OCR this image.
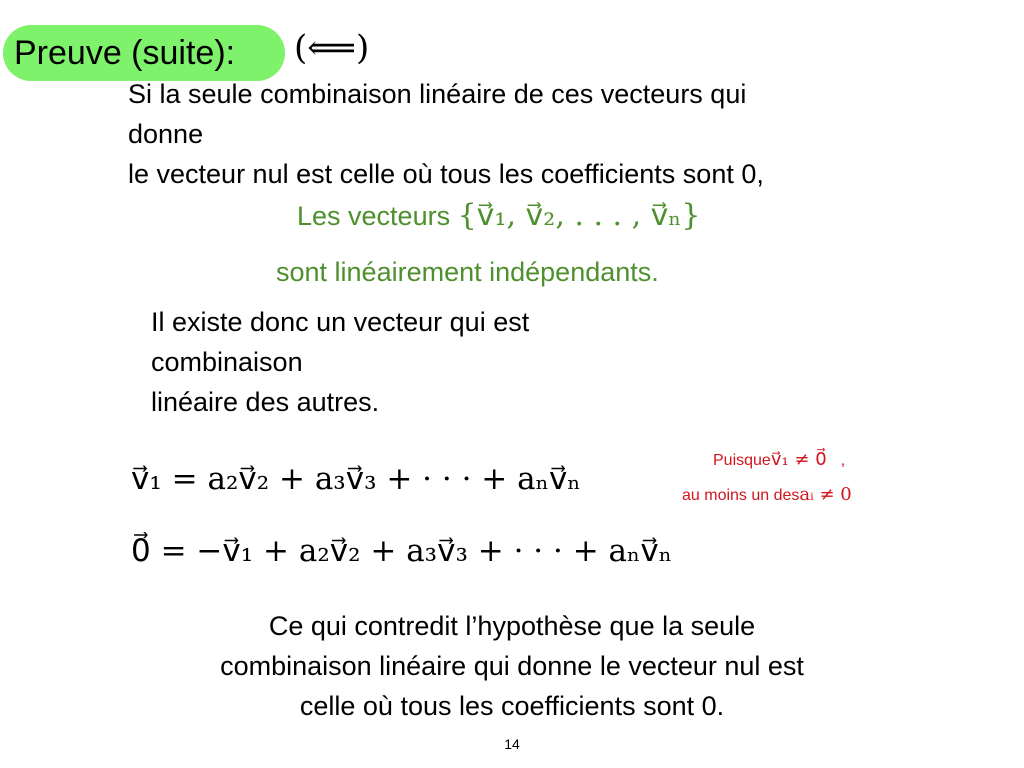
Preuve (suite): (⟸)
Si la seule combinaison linéaire de ces vecteurs qui
donne
le vecteur nul est celle où tous les coefficients sont 0,
Les vecteurs {v⃗₁, v⃗₂, . . . , v⃗ₙ}
sont linéairement indépendants.
Il existe donc un vecteur qui est
combinaison
linéaire des autres.
v⃗₁ = a₂v⃗₂ + a₃v⃗₃ + · · · + aₙv⃗ₙ
0⃗ = −v⃗₁ + a₂v⃗₂ + a₃v⃗₃ + · · · + aₙv⃗ₙ
Puisquev⃗₁ ≠ 0⃗ ,
au moins un desaᵢ ≠ 0
Ce qui contredit l’hypothèse que la seule
combinaison linéaire qui donne le vecteur nul est
celle où tous les coefficients sont 0.
14
